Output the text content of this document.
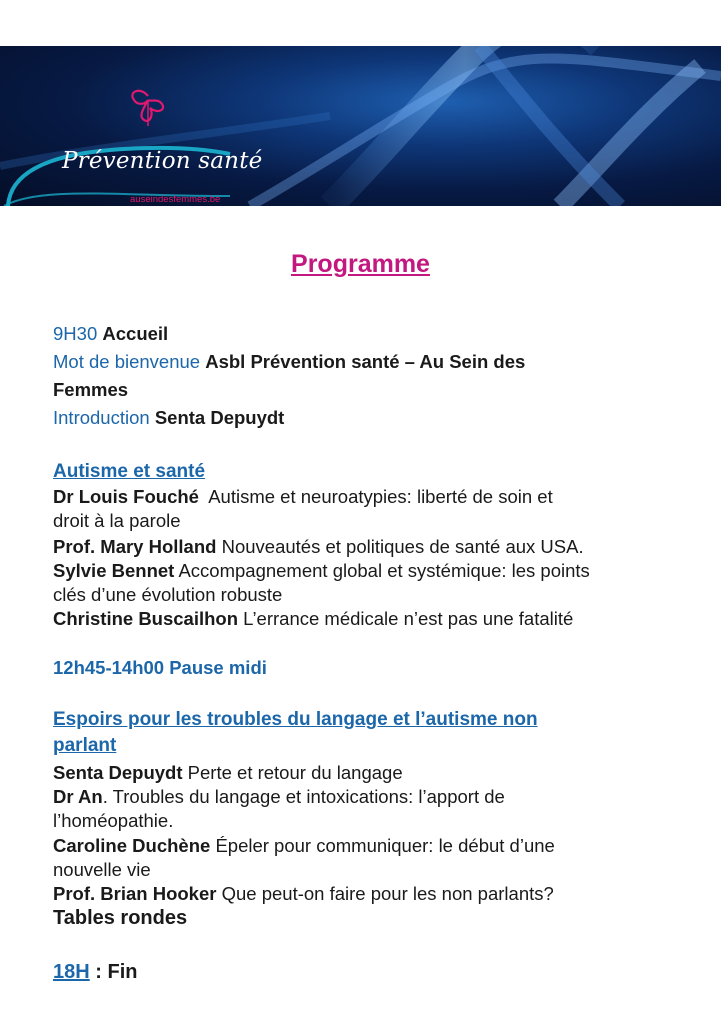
Prévention santé
auseindesfemmes.be
Programme
9H30 Accueil
Mot de bienvenue Asbl Prévention santé – Au Sein des
Femmes
Introduction Senta Depuydt
Autisme et santé
Dr Louis Fouché Autisme et neuroatypies: liberté de soin et
droit à la parole
Prof. Mary Holland Nouveautés et politiques de santé aux USA.
Sylvie Bennet Accompagnement global et systémique: les points
clés d’une évolution robuste
Christine Buscailhon L’errance médicale n’est pas une fatalité
12h45-14h00 Pause midi
Espoirs pour les troubles du langage et l’autisme non
parlant
Senta Depuydt Perte et retour du langage
Dr An. Troubles du langage et intoxications: l’apport de
l’homéopathie.
Caroline Duchène Épeler pour communiquer: le début d’une
nouvelle vie
Prof. Brian Hooker Que peut-on faire pour les non parlants?
Tables rondes
18H : Fin
